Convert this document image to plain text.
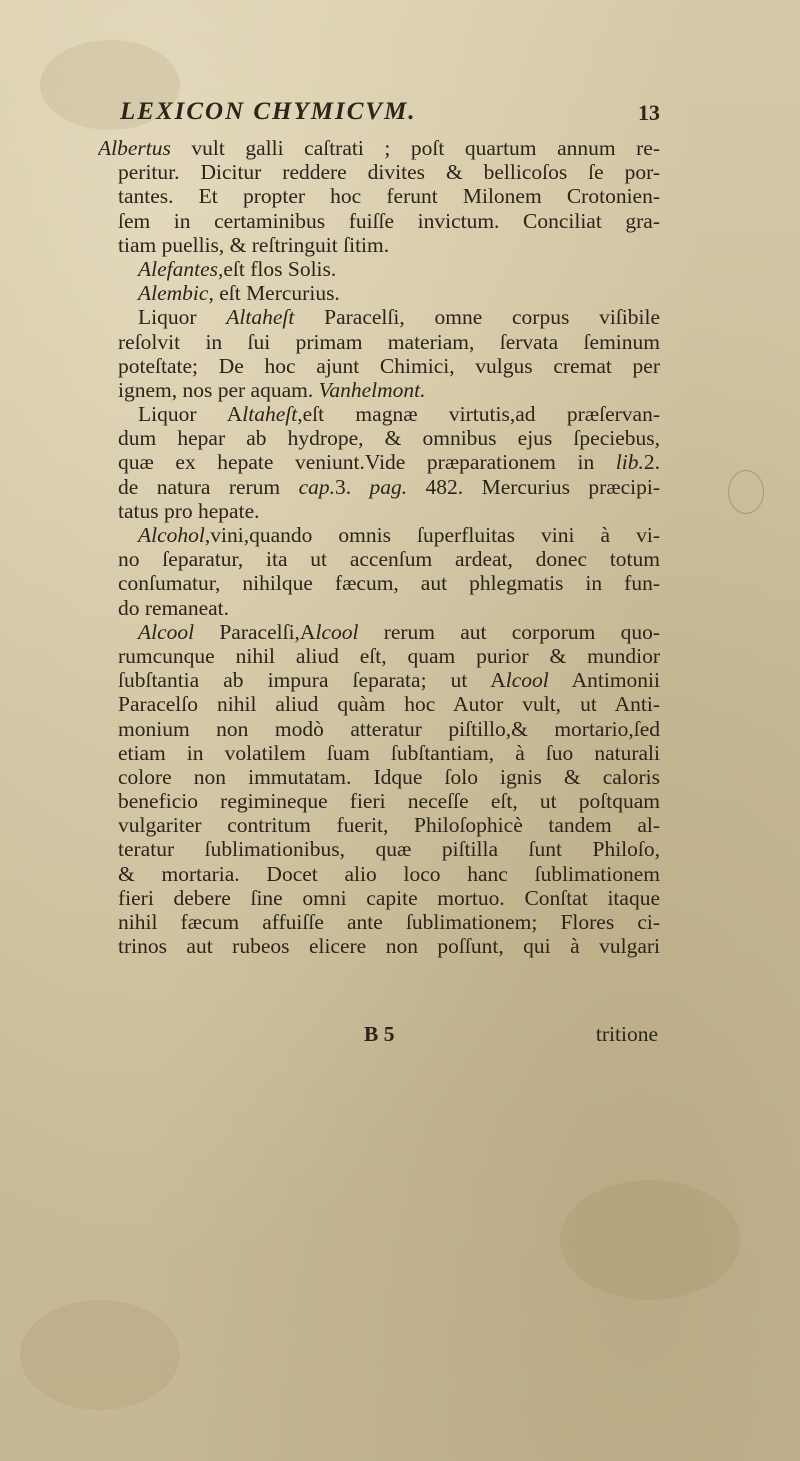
LEXICON CHYMICVM.	13
Albertus vult galli caſtrati ; poſt quartum annum re-
peritur. Dicitur reddere divites & bellicoſos ſe por-
tantes. Et propter hoc ferunt Milonem Crotonien-
ſem in certaminibus fuiſſe invictum. Conciliat gra-
tiam puellis, & reſtringuit ſitim.
Alefantes,eſt flos Solis.
Alembic, eſt Mercurius.
Liquor Altaheſt Paracelſi, omne corpus viſibile
reſolvit in ſui primam materiam, ſervata ſeminum
poteſtate; De hoc ajunt Chimici, vulgus cremat per
ignem, nos per aquam. Vanhelmont.
Liquor Altaheſt,eſt magnæ virtutis,ad præſervan-
dum hepar ab hydrope, & omnibus ejus ſpeciebus,
quæ ex hepate veniunt.Vide præparationem in lib.2.
de natura rerum cap.3. pag. 482. Mercurius præcipi-
tatus pro hepate.
Alcohol,vini,quando omnis ſuperfluitas vini à vi-
no ſeparatur, ita ut accenſum ardeat, donec totum
conſumatur, nihilque fæcum, aut phlegmatis in fun-
do remaneat.
Alcool Paracelſi,Alcool rerum aut corporum quo-
rumcunque nihil aliud eſt, quam purior & mundior
ſubſtantia ab impura ſeparata; ut Alcool Antimonii
Paracelſo nihil aliud quàm hoc Autor vult, ut Anti-
monium non modò atteratur piſtillo,& mortario,ſed
etiam in volatilem ſuam ſubſtantiam, à ſuo naturali
colore non immutatam. Idque ſolo ignis & caloris
beneficio regimineque fieri neceſſe eſt, ut poſtquam
vulgariter contritum fuerit, Philoſophicè tandem al-
teratur ſublimationibus, quæ piſtilla ſunt Philoſo,
& mortaria. Docet alio loco hanc ſublimationem
fieri debere ſine omni capite mortuo. Conſtat itaque
nihil fæcum affuiſſe ante ſublimationem; Flores ci-
trinos aut rubeos elicere non poſſunt, qui à vulgari
B 5	tritione
